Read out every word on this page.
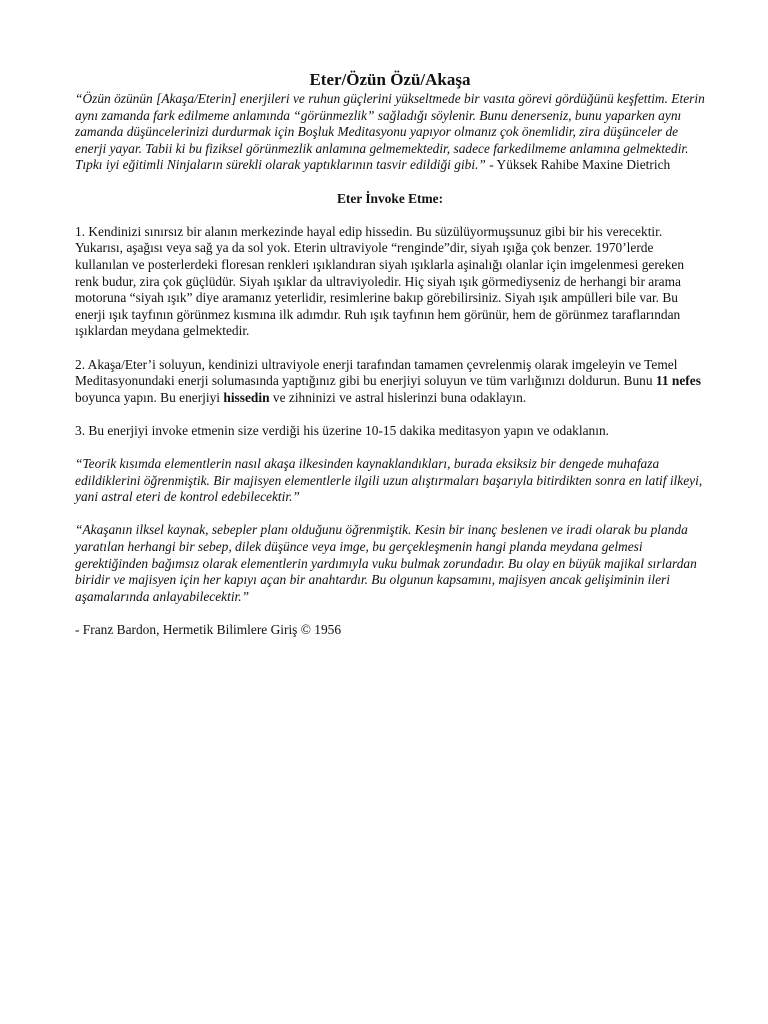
Eter/Özün Özü/Akaşa

“Özün özünün [Akaşa/Eterin] enerjileri ve ruhun güçlerini yükseltmede bir vasıta görevi gördüğünü keşfettim. Eterin aynı zamanda fark edilmeme anlamında “görünmezlik” sağladığı söylenir. Bunu denerseniz, bunu yaparken aynı zamanda düşüncelerinizi durdurmak için Boşluk Meditasyonu yapıyor olmanız çok önemlidir, zira düşünceler de enerji yayar. Tabii ki bu fiziksel görünmezlik anlamına gelmemektedir, sadece farkedilmeme anlamına gelmektedir. Tıpkı iyi eğitimli Ninjaların sürekli olarak yaptıklarının tasvir edildiği gibi.” - Yüksek Rahibe Maxine Dietrich

Eter İnvoke Etme:

1. Kendinizi sınırsız bir alanın merkezinde hayal edip hissedin. Bu süzülüyormuşsunuz gibi bir his verecektir. Yukarısı, aşağısı veya sağ ya da sol yok. Eterin ultraviyole “renginde”dir, siyah ışığa çok benzer. 1970’lerde kullanılan ve posterlerdeki floresan renkleri ışıklandıran siyah ışıklarla aşinalığı olanlar için imgelenmesi gereken renk budur, zira çok güçlüdür. Siyah ışıklar da ultraviyoledir. Hiç siyah ışık görmediyseniz de herhangi bir arama motoruna “siyah ışık” diye aramanız yeterlidir, resimlerine bakıp görebilirsiniz. Siyah ışık ampülleri bile var. Bu enerji ışık tayfının görünmez kısmına ilk adımdır. Ruh ışık tayfının hem görünür, hem de görünmez taraflarından ışıklardan meydana gelmektedir.

2. Akaşa/Eter’i soluyun, kendinizi ultraviyole enerji tarafından tamamen çevrelenmiş olarak imgeleyin ve Temel Meditasyonundaki enerji solumasında yaptığınız gibi bu enerjiyi soluyun ve tüm varlığınızı doldurun. Bunu 11 nefes boyunca yapın. Bu enerjiyi hissedin ve zihninizi ve astral hislerinzi buna odaklayın.

3. Bu enerjiyi invoke etmenin size verdiği his üzerine 10-15 dakika meditasyon yapın ve odaklanın.

“Teorik kısımda elementlerin nasıl akaşa ilkesinden kaynaklandıkları, burada eksiksiz bir dengede muhafaza edildiklerini öğrenmiştik. Bir majisyen elementlerle ilgili uzun alıştırmaları başarıyla bitirdikten sonra en latif ilkeyi, yani astral eteri de kontrol edebilecektir.”

“Akaşanın ilksel kaynak, sebepler planı olduğunu öğrenmiştik. Kesin bir inanç beslenen ve iradi olarak bu planda yaratılan herhangi bir sebep, dilek düşünce veya imge, bu gerçekleşmenin hangi planda meydana gelmesi gerektiğinden bağımsız olarak elementlerin yardımıyla vuku bulmak zorundadır. Bu olay en büyük majikal sırlardan biridir ve majisyen için her kapıyı açan bir anahtardır. Bu olgunun kapsamını, majisyen ancak gelişiminin ileri aşamalarında anlayabilecektir.”

- Franz Bardon, Hermetik Bilimlere Giriş © 1956
